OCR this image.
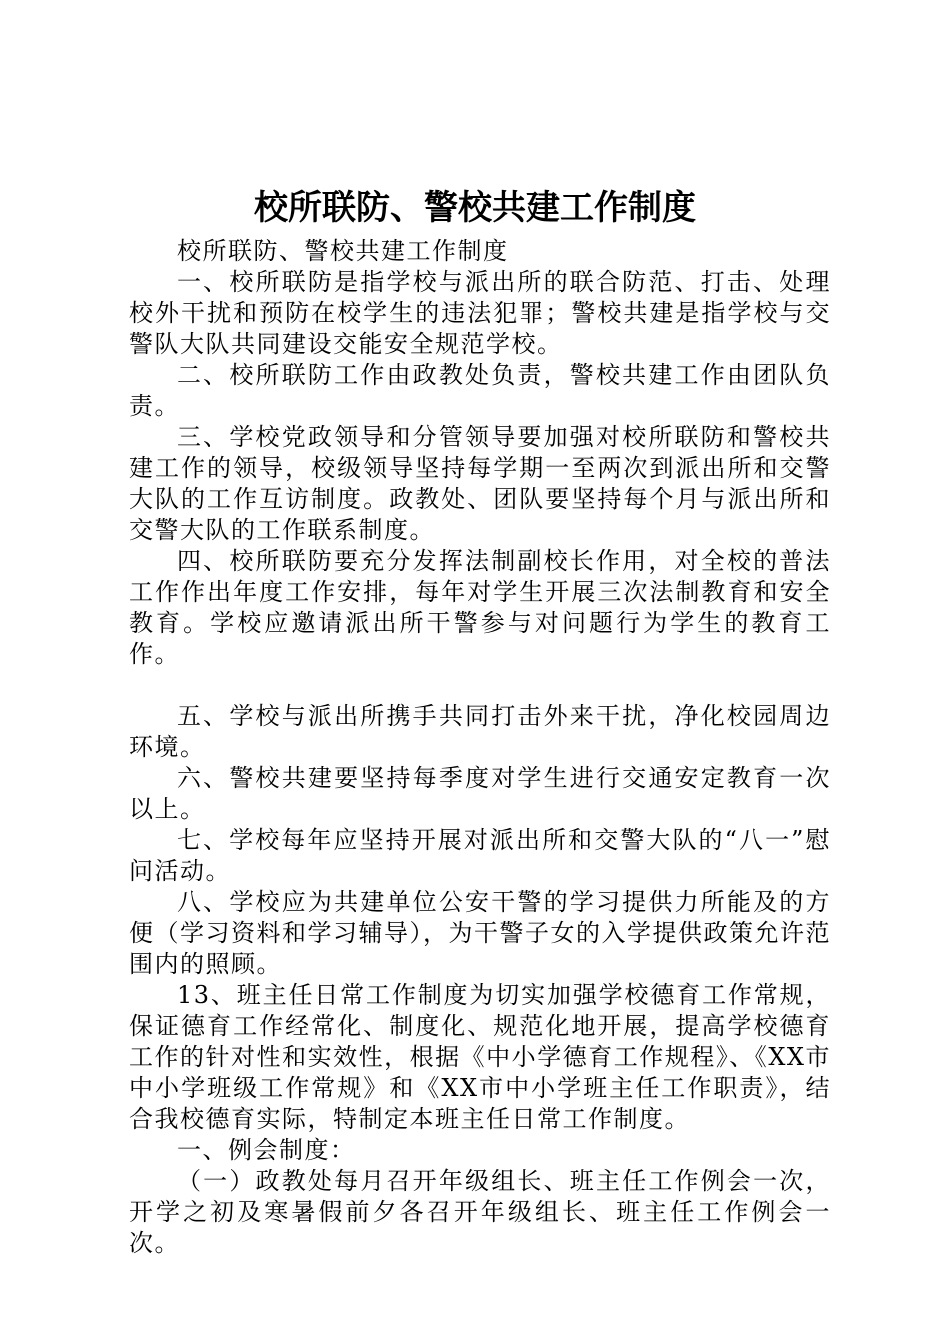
校所联防、警校共建工作制度

校所联防、警校共建工作制度

一、校所联防是指学校与派出所的联合防范、打击、处理校外干扰和预防在校学生的违法犯罪；警校共建是指学校与交警队大队共同建设交能安全规范学校。

二、校所联防工作由政教处负责，警校共建工作由团队负责。

三、学校党政领导和分管领导要加强对校所联防和警校共建工作的领导，校级领导坚持每学期一至两次到派出所和交警大队的工作互访制度。政教处、团队要坚持每个月与派出所和交警大队的工作联系制度。

四、校所联防要充分发挥法制副校长作用，对全校的普法工作作出年度工作安排，每年对学生开展三次法制教育和安全教育。学校应邀请派出所干警参与对问题行为学生的教育工作。

五、学校与派出所携手共同打击外来干扰，净化校园周边环境。

六、警校共建要坚持每季度对学生进行交通安定教育一次以上。

七、学校每年应坚持开展对派出所和交警大队的“八一”慰问活动。

八、学校应为共建单位公安干警的学习提供力所能及的方便（学习资料和学习辅导），为干警子女的入学提供政策允许范围内的照顾。

13、班主任日常工作制度为切实加强学校德育工作常规，保证德育工作经常化、制度化、规范化地开展，提高学校德育工作的针对性和实效性，根据《中小学德育工作规程》、《XX市中小学班级工作常规》和《XX市中小学班主任工作职责》，结合我校德育实际，特制定本班主任日常工作制度。

一、例会制度：

（一）政教处每月召开年级组长、班主任工作例会一次，开学之初及寒暑假前夕各召开年级组长、班主任工作例会一次。
